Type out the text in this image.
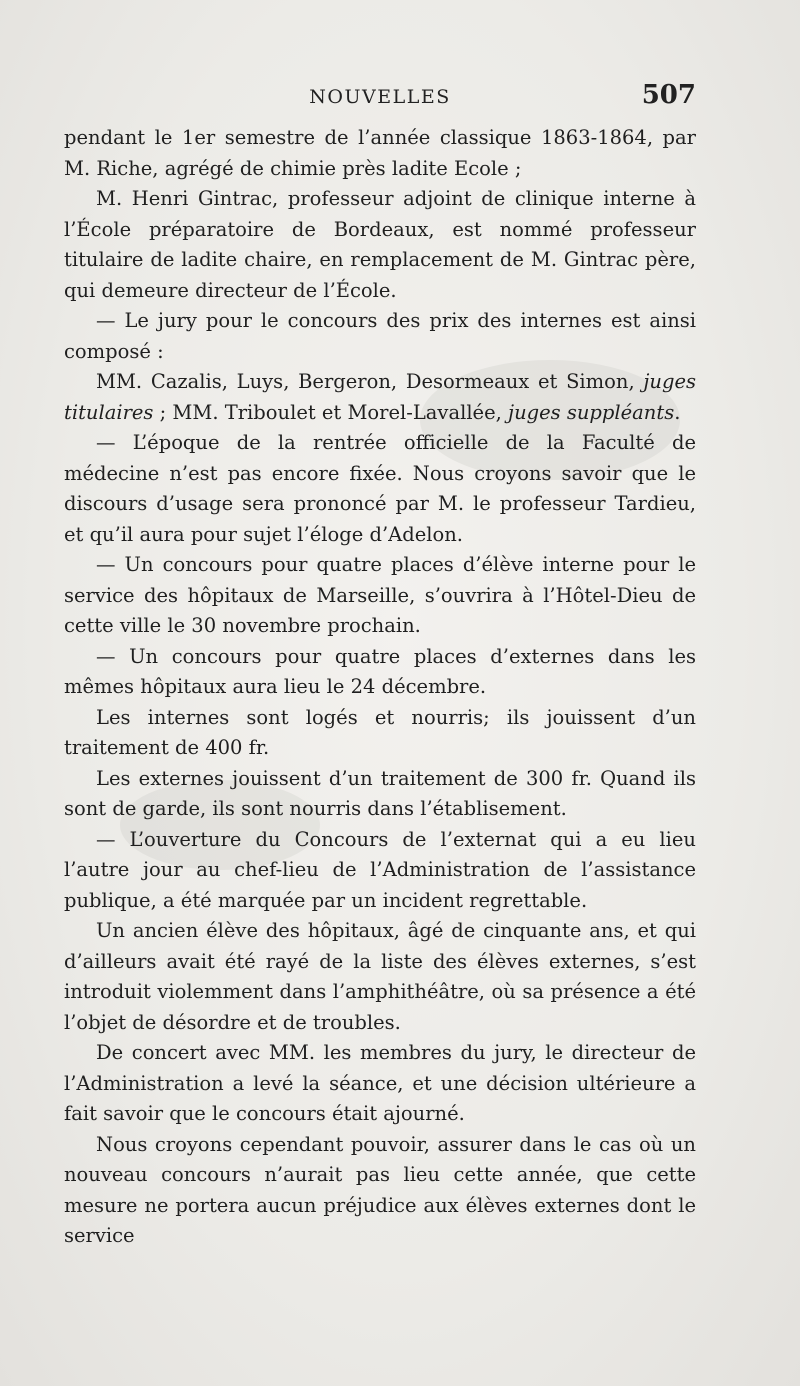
NOUVELLES	507

pendant le 1er semestre de l’année classique 1863-1864, par M. Riche, agrégé de chimie près ladite Ecole ;

M. Henri Gintrac, professeur adjoint de clinique interne à l’École préparatoire de Bordeaux, est nommé professeur titulaire de ladite chaire, en remplacement de M. Gintrac père, qui demeure directeur de l’École.

— Le jury pour le concours des prix des internes est ainsi composé :

MM. Cazalis, Luys, Bergeron, Desormeaux et Simon, juges titulaires ; MM. Triboulet et Morel-Lavallée, juges suppléants.

— L’époque de la rentrée officielle de la Faculté de médecine n’est pas encore fixée. Nous croyons savoir que le discours d’usage sera prononcé par M. le professeur Tardieu, et qu’il aura pour sujet l’éloge d’Adelon.

— Un concours pour quatre places d’élève interne pour le service des hôpitaux de Marseille, s’ouvrira à l’Hôtel-Dieu de cette ville le 30 novembre prochain.

— Un concours pour quatre places d’externes dans les mêmes hôpitaux aura lieu le 24 décembre.

Les internes sont logés et nourris; ils jouissent d’un traitement de 400 fr.

Les externes jouissent d’un traitement de 300 fr. Quand ils sont de garde, ils sont nourris dans l’établisement.

— L’ouverture du Concours de l’externat qui a eu lieu l’autre jour au chef-lieu de l’Administration de l’assistance publique, a été marquée par un incident regrettable.

Un ancien élève des hôpitaux, âgé de cinquante ans, et qui d’ailleurs avait été rayé de la liste des élèves externes, s’est introduit violemment dans l’amphithéâtre, où sa présence a été l’objet de désordre et de troubles.

De concert avec MM. les membres du jury, le directeur de l’Administration a levé la séance, et une décision ultérieure a fait savoir que le concours était ajourné.

Nous croyons cependant pouvoir, assurer dans le cas où un nouveau concours n’aurait pas lieu cette année, que cette mesure ne portera aucun préjudice aux élèves externes dont le service
